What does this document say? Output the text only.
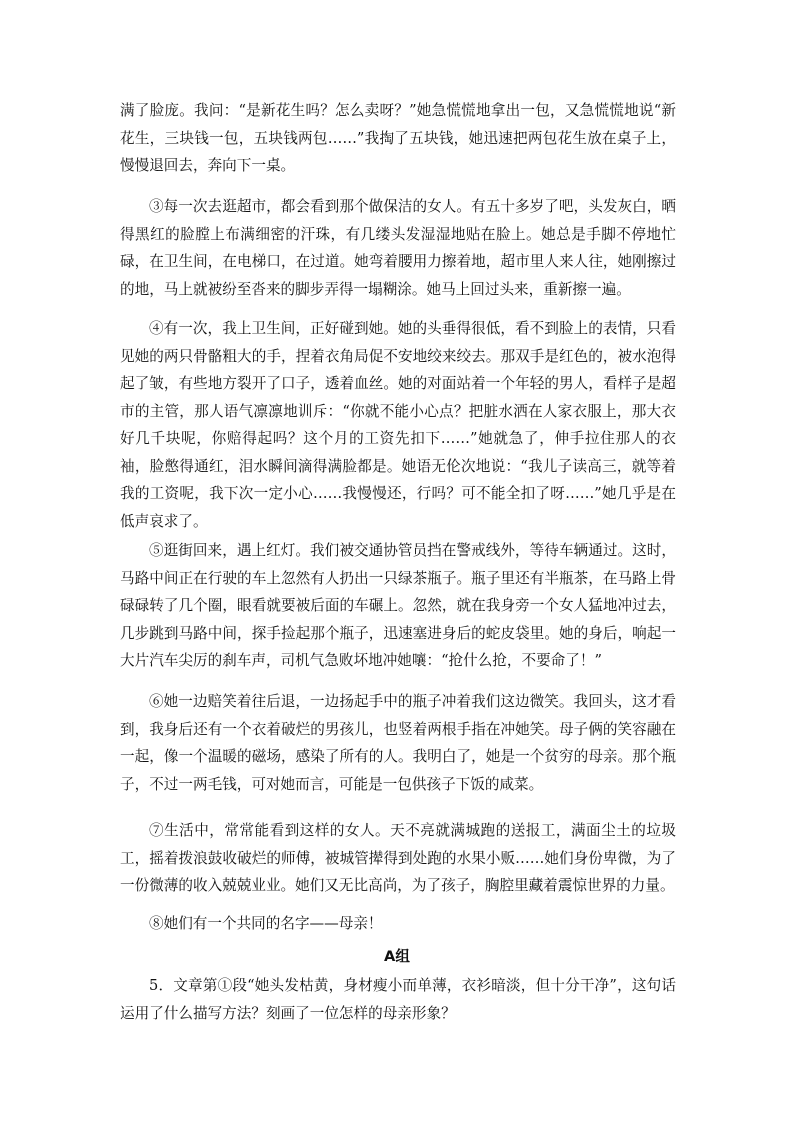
满了脸庞。我问：“是新花生吗？怎么卖呀？”她急慌慌地拿出一包，又急慌慌地说“新花生，三块钱一包，五块钱两包……”我掏了五块钱，她迅速把两包花生放在桌子上，慢慢退回去，奔向下一桌。

③每一次去逛超市，都会看到那个做保洁的女人。有五十多岁了吧，头发灰白，晒得黑红的脸膛上布满细密的汗珠，有几缕头发湿湿地贴在脸上。她总是手脚不停地忙碌，在卫生间，在电梯口，在过道。她弯着腰用力擦着地，超市里人来人往，她刚擦过的地，马上就被纷至沓来的脚步弄得一塌糊涂。她马上回过头来，重新擦一遍。

④有一次，我上卫生间，正好碰到她。她的头垂得很低，看不到脸上的表情，只看见她的两只骨骼粗大的手，捏着衣角局促不安地绞来绞去。那双手是红色的，被水泡得起了皱，有些地方裂开了口子，透着血丝。她的对面站着一个年轻的男人，看样子是超市的主管，那人语气凛凛地训斥：“你就不能小心点？把脏水洒在人家衣服上，那大衣好几千块呢，你赔得起吗？这个月的工资先扣下……”她就急了，伸手拉住那人的衣袖，脸憋得通红，泪水瞬间滴得满脸都是。她语无伦次地说：“我儿子读高三，就等着我的工资呢，我下次一定小心……我慢慢还，行吗？可不能全扣了呀……”她几乎是在低声哀求了。

⑤逛街回来，遇上红灯。我们被交通协管员挡在警戒线外，等待车辆通过。这时，马路中间正在行驶的车上忽然有人扔出一只绿茶瓶子。瓶子里还有半瓶茶，在马路上骨碌碌转了几个圈，眼看就要被后面的车碾上。忽然，就在我身旁一个女人猛地冲过去，几步跳到马路中间，探手捡起那个瓶子，迅速塞进身后的蛇皮袋里。她的身后，响起一大片汽车尖厉的刹车声，司机气急败坏地冲她嚷：“抢什么抢，不要命了！”

⑥她一边赔笑着往后退，一边扬起手中的瓶子冲着我们这边微笑。我回头，这才看到，我身后还有一个衣着破烂的男孩儿，也竖着两根手指在冲她笑。母子俩的笑容融在一起，像一个温暖的磁场，感染了所有的人。我明白了，她是一个贫穷的母亲。那个瓶子，不过一两毛钱，可对她而言，可能是一包供孩子下饭的咸菜。

⑦生活中，常常能看到这样的女人。天不亮就满城跑的送报工，满面尘土的垃圾工，摇着拨浪鼓收破烂的师傅，被城管撵得到处跑的水果小贩……她们身份卑微，为了一份微薄的收入兢兢业业。她们又无比高尚，为了孩子，胸腔里藏着震惊世界的力量。

⑧她们有一个共同的名字——母亲！

A组

5．文章第①段“她头发枯黄，身材瘦小而单薄，衣衫暗淡，但十分干净”，这句话运用了什么描写方法？刻画了一位怎样的母亲形象？
